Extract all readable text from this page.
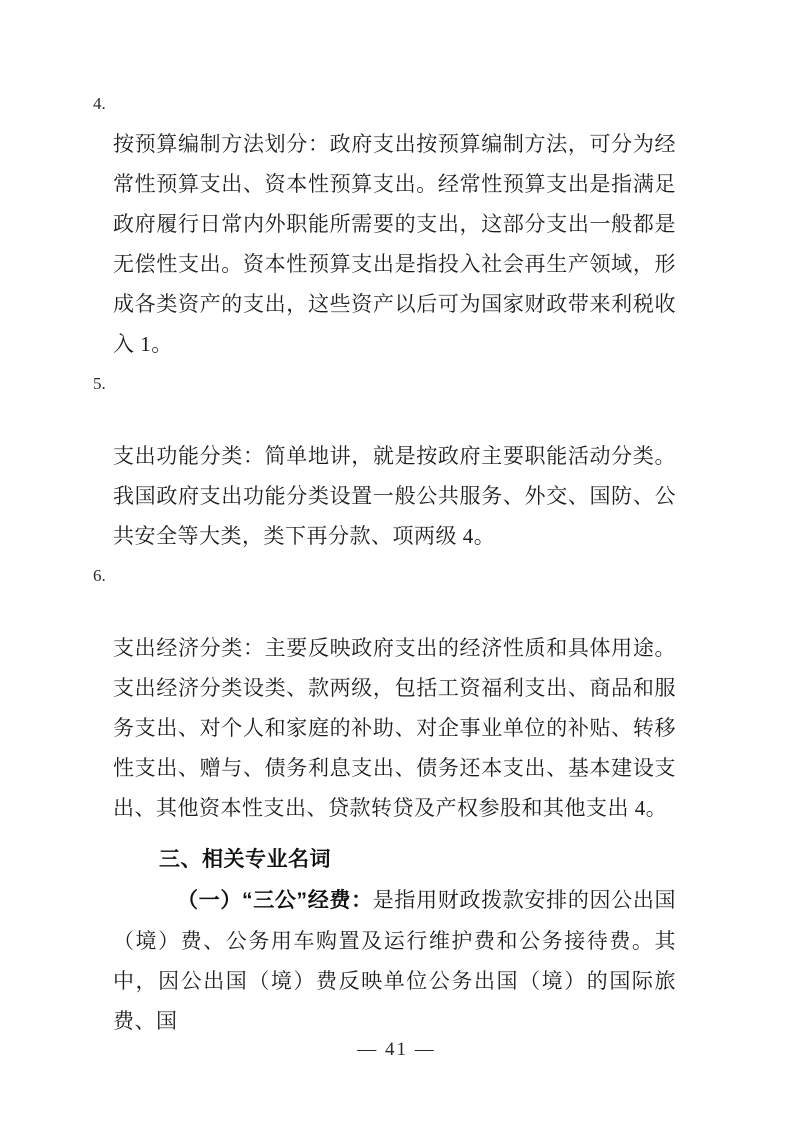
4.

按预算编制方法划分：政府支出按预算编制方法，可分为经常性预算支出、资本性预算支出。经常性预算支出是指满足政府履行日常内外职能所需要的支出，这部分支出一般都是无偿性支出。资本性预算支出是指投入社会再生产领域，形成各类资产的支出，这些资产以后可为国家财政带来利税收入 1。

5.

支出功能分类：简单地讲，就是按政府主要职能活动分类。我国政府支出功能分类设置一般公共服务、外交、国防、公共安全等大类，类下再分款、项两级 4。

6.

支出经济分类：主要反映政府支出的经济性质和具体用途。支出经济分类设类、款两级，包括工资福利支出、商品和服务支出、对个人和家庭的补助、对企事业单位的补贴、转移性支出、赠与、债务利息支出、债务还本支出、基本建设支出、其他资本性支出、贷款转贷及产权参股和其他支出 4。

三、相关专业名词

（一）“三公”经费：是指用财政拨款安排的因公出国（境）费、公务用车购置及运行维护费和公务接待费。其中，因公出国（境）费反映单位公务出国（境）的国际旅费、国

— 41 —
